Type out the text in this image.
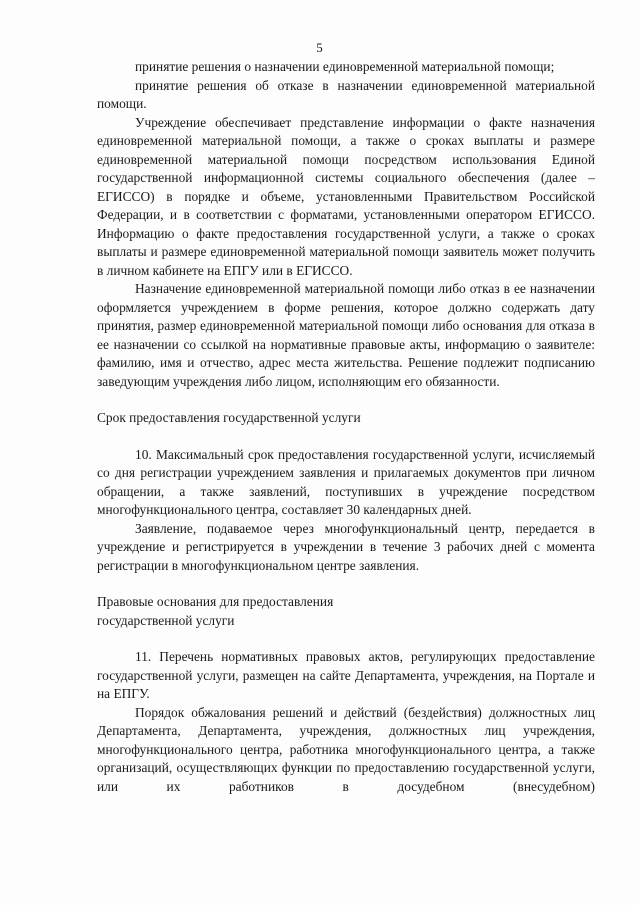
5

принятие решения о назначении единовременной материальной помощи;

принятие решения об отказе в назначении единовременной материальной помощи.

Учреждение обеспечивает представление информации о факте назначения единовременной материальной помощи, а также о сроках выплаты и размере единовременной материальной помощи посредством использования Единой государственной информационной системы социального обеспечения (далее – ЕГИССО) в порядке и объеме, установленными Правительством Российской Федерации, и в соответствии с форматами, установленными оператором ЕГИССО. Информацию о факте предоставления государственной услуги, а также о сроках выплаты и размере единовременной материальной помощи заявитель может получить в личном кабинете на ЕПГУ или в ЕГИССО.

Назначение единовременной материальной помощи либо отказ в ее назначении оформляется учреждением в форме решения, которое должно содержать дату принятия, размер единовременной материальной помощи либо основания для отказа в ее назначении со ссылкой на нормативные правовые акты, информацию о заявителе: фамилию, имя и отчество, адрес места жительства. Решение подлежит подписанию заведующим учреждения либо лицом, исполняющим его обязанности.

Срок предоставления государственной услуги

10. Максимальный срок предоставления государственной услуги, исчисляемый со дня регистрации учреждением заявления и прилагаемых документов при личном обращении, а также заявлений, поступивших в учреждение посредством многофункционального центра, составляет 30 календарных дней.

Заявление, подаваемое через многофункциональный центр, передается в учреждение и регистрируется в учреждении в течение 3 рабочих дней с момента регистрации в многофункциональном центре заявления.

Правовые основания для предоставления

государственной услуги

11. Перечень нормативных правовых актов, регулирующих предоставление государственной услуги, размещен на сайте Департамента, учреждения, на Портале и на ЕПГУ.

Порядок обжалования решений и действий (бездействия) должностных лиц Департамента, Департамента, учреждения, должностных лиц учреждения, многофункционального центра, работника многофункционального центра, а также организаций, осуществляющих функции по предоставлению государственной услуги, или их работников в досудебном (внесудебном)
